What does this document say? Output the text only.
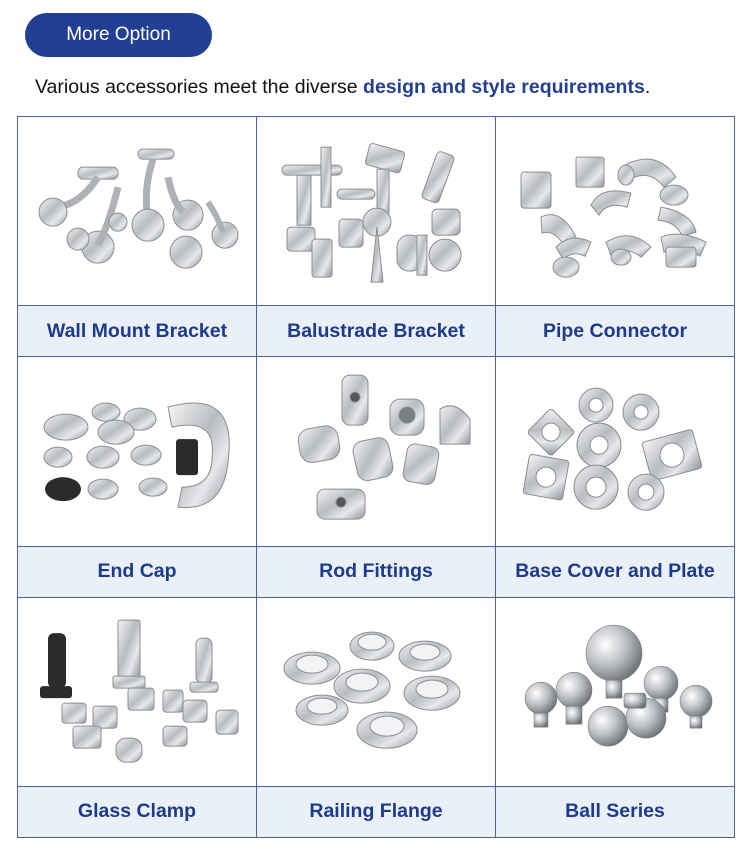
More Option
Various accessories meet the diverse design and style requirements.
Wall Mount Bracket	Balustrade Bracket	Pipe Connector
End Cap	Rod Fittings	Base Cover and Plate
Glass Clamp	Railing Flange	Ball Series
